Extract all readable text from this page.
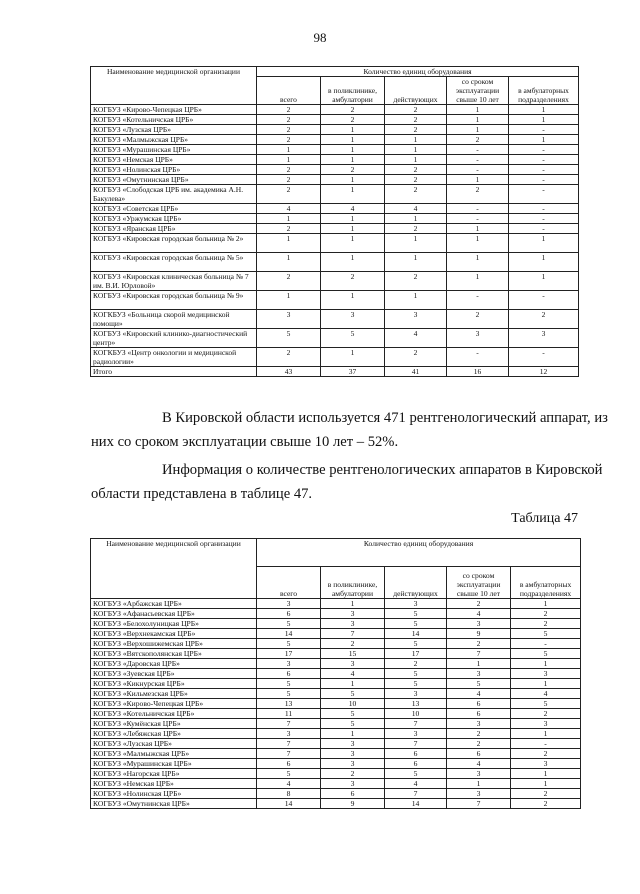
98
Наименование медицинской организации	Количество единиц оборудования				
	всего	в поликлинике, амбулатории	действующих	со сроком эксплуатации свыше 10 лет	в амбулаторных подразделениях
КОГБУЗ «Кирово-Чепецкая ЦРБ»	2	2	2	1	1
КОГБУЗ «Котельничская ЦРБ»	2	2	2	1	1
КОГБУЗ «Лузская ЦРБ»	2	1	2	1	-
КОГБУЗ «Малмыжская ЦРБ»	2	1	1	2	1
КОГБУЗ «Мурашинская ЦРБ»	1	1	1	-	-
КОГБУЗ «Немская ЦРБ»	1	1	1	-	-
КОГБУЗ «Нолинская ЦРБ»	2	2	2	-	-
КОГБУЗ «Омутнинская ЦРБ»	2	1	2	1	-
КОГБУЗ «Слободская ЦРБ им. академика А.Н. Бакулева»	2	1	2	2	-
КОГБУЗ «Советская ЦРБ»	4	4	4	-	-
КОГБУЗ «Уржумская ЦРБ»	1	1	1	-	-
КОГБУЗ «Яранская ЦРБ»	2	1	2	1	-
КОГБУЗ «Кировская городская больница № 2»	1	1	1	1	1
КОГБУЗ «Кировская городская больница № 5»	1	1	1	1	1
КОГБУЗ «Кировская клиническая больница № 7 им. В.И. Юрловой»	2	2	2	1	1
КОГБУЗ «Кировская городская больница № 9»	1	1	1	-	-
КОГКБУЗ «Больница скорой медицинской помощи»	3	3	3	2	2
КОГБУЗ «Кировский клинико-диагностический центр»	5	5	4	3	3
КОГКБУЗ «Центр онкологии и медицинской радиологии»	2	1	2	-	-
Итого	43	37	41	16	12

В Кировской области используется 471 рентгенологический аппарат, из

них со сроком эксплуатации свыше 10 лет – 52%.

Информация о количестве рентгенологических аппаратов в Кировской

области представлена в таблице 47.

Таблица 47
Наименование медицинской организации	Количество единиц оборудования				
	всего	в поликлинике, амбулатории	действующих	со сроком эксплуатации свыше 10 лет	в амбулаторных подразделениях
КОГБУЗ «Арбажская ЦРБ»	3	1	3	2	1
КОГБУЗ «Афанасьевская ЦРБ»	6	3	5	4	2
КОГБУЗ «Белохолуницкая ЦРБ»	5	3	5	3	2
КОГБУЗ «Верхнекамская ЦРБ»	14	7	14	9	5
КОГБУЗ «Верхошижемская ЦРБ»	5	2	5	2	-
КОГБУЗ «Вятскополянская ЦРБ»	17	15	17	7	5
КОГБУЗ «Даровская ЦРБ»	3	3	2	1	1
КОГБУЗ «Зуевская ЦРБ»	6	4	5	3	3
КОГБУЗ «Кикнурская ЦРБ»	5	1	5	5	1
КОГБУЗ «Кильмезская ЦРБ»	5	5	3	4	4
КОГБУЗ «Кирово-Чепецкая ЦРБ»	13	10	13	6	5
КОГБУЗ «Котельничская ЦРБ»	11	5	10	6	2
КОГБУЗ «Кумёнская ЦРБ»	7	5	7	3	3
КОГБУЗ «Лебяжская ЦРБ»	3	1	3	2	1
КОГБУЗ «Лузская ЦРБ»	7	3	7	2	-
КОГБУЗ «Малмыжская ЦРБ»	7	3	6	6	2
КОГБУЗ «Мурашинская ЦРБ»	6	3	6	4	3
КОГБУЗ «Нагорская ЦРБ»	5	2	5	3	1
КОГБУЗ «Немская ЦРБ»	4	3	4	1	1
КОГБУЗ «Нолинская ЦРБ»	8	6	7	3	2
КОГБУЗ «Омутнинская ЦРБ»	14	9	14	7	2
